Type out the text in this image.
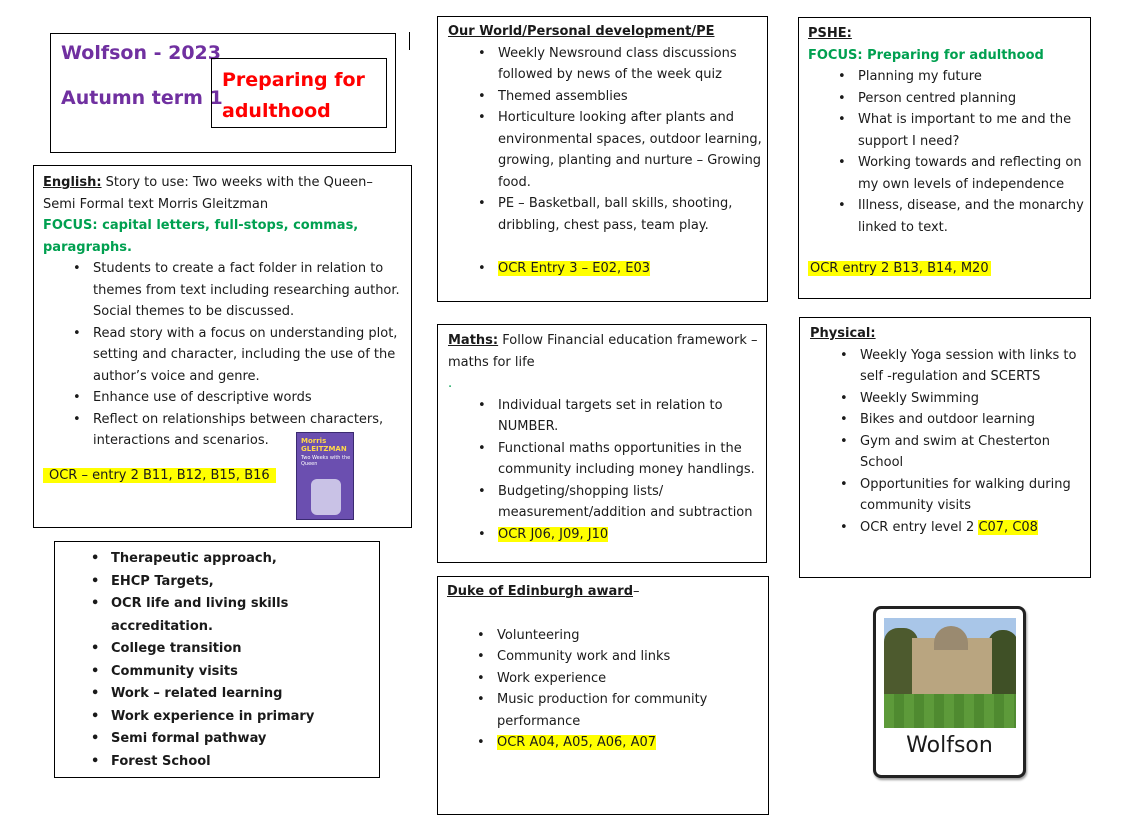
Wolfson - 2023
Autumn term 1
Preparing for adulthood
English: Story to use: Two weeks with the Queen– Semi Formal text Morris Gleitzman
FOCUS: capital letters, full-stops, commas, paragraphs.
• Students to create a fact folder in relation to themes from text including researching author. Social themes to be discussed.
• Read story with a focus on understanding plot, setting and character, including the use of the author’s voice and genre.
• Enhance use of descriptive words
• Reflect on relationships between characters, interactions and scenarios.
OCR – entry 2 B11, B12, B15, B16
Morris GLEITZMAN
Two Weeks with the Queen
• Therapeutic approach,
• EHCP Targets,
• OCR life and living skills accreditation.
• College transition
• Community visits
• Work – related learning
• Work experience in primary
• Semi formal pathway
• Forest School
Our World/Personal development/PE
• Weekly Newsround class discussions followed by news of the week quiz
• Themed assemblies
• Horticulture looking after plants and environmental spaces, outdoor learning, growing, planting and nurture – Growing food.
• PE – Basketball, ball skills, shooting, dribbling, chest pass, team play.
• OCR Entry 3 – E02, E03
Maths: Follow Financial education framework – maths for life
.
• Individual targets set in relation to NUMBER.
• Functional maths opportunities in the community including money handlings.
• Budgeting/shopping lists/ measurement/addition and subtraction
• OCR J06, J09, J10
Duke of Edinburgh award–
• Volunteering
• Community work and links
• Work experience
• Music production for community performance
• OCR A04, A05, A06, A07
PSHE:
FOCUS: Preparing for adulthood
• Planning my future
• Person centred planning
• What is important to me and the support I need?
• Working towards and reflecting on my own levels of independence
• Illness, disease, and the monarchy linked to text.
OCR entry 2 B13, B14, M20
Physical:
• Weekly Yoga session with links to self -regulation and SCERTS
• Weekly Swimming
• Bikes and outdoor learning
• Gym and swim at Chesterton School
• Opportunities for walking during community visits
• OCR entry level 2 C07, C08
Wolfson
